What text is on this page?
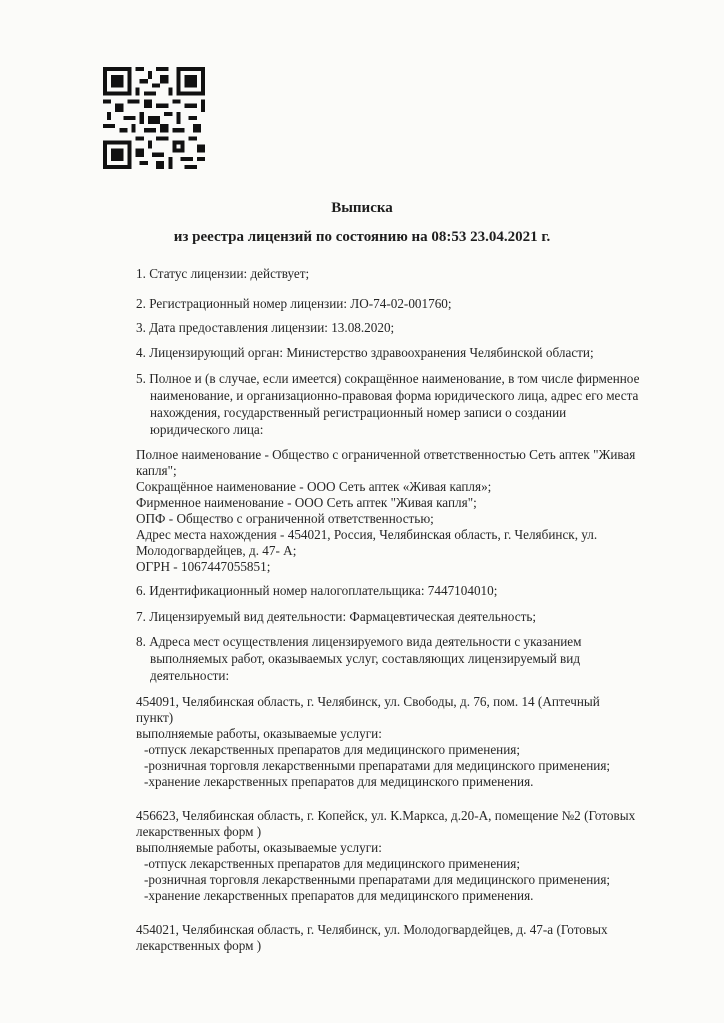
Выписка
из реестра лицензий по состоянию на 08:53 23.04.2021 г.
1. Статус лицензии: действует;
2. Регистрационный номер лицензии: ЛО-74-02-001760;
3. Дата предоставления лицензии: 13.08.2020;
4. Лицензирующий орган: Министерство здравоохранения Челябинской области;
5. Полное и (в случае, если имеется) сокращённое наименование, в том числе фирменное
наименование, и организационно-правовая форма юридического лица, адрес его места
нахождения, государственный регистрационный номер записи о создании
юридического лица:
Полное наименование - Общество с ограниченной ответственностью Сеть аптек "Живая
капля";
Сокращённое наименование - ООО Сеть аптек «Живая капля»;
Фирменное наименование - ООО Сеть аптек "Живая капля";
ОПФ - Общество с ограниченной ответственностью;
Адрес места нахождения - 454021, Россия, Челябинская область, г. Челябинск, ул.
Молодогвардейцев, д. 47- А;
ОГРН - 1067447055851;
6. Идентификационный номер налогоплательщика: 7447104010;
7. Лицензируемый вид деятельности: Фармацевтическая деятельность;
8. Адреса мест осуществления лицензируемого вида деятельности с указанием
выполняемых работ, оказываемых услуг, составляющих лицензируемый вид
деятельности:
454091, Челябинская область, г. Челябинск, ул. Свободы, д. 76, пом. 14 (Аптечный
пункт)
выполняемые работы, оказываемые услуги:
-отпуск лекарственных препаратов для медицинского применения;
-розничная торговля лекарственными препаратами для медицинского применения;
-хранение лекарственных препаратов для медицинского применения.
456623, Челябинская область, г. Копейск, ул. К.Маркса, д.20-А, помещение №2 (Готовых
лекарственных форм )
выполняемые работы, оказываемые услуги:
-отпуск лекарственных препаратов для медицинского применения;
-розничная торговля лекарственными препаратами для медицинского применения;
-хранение лекарственных препаратов для медицинского применения.
454021, Челябинская область, г. Челябинск, ул. Молодогвардейцев, д. 47-а (Готовых
лекарственных форм )
